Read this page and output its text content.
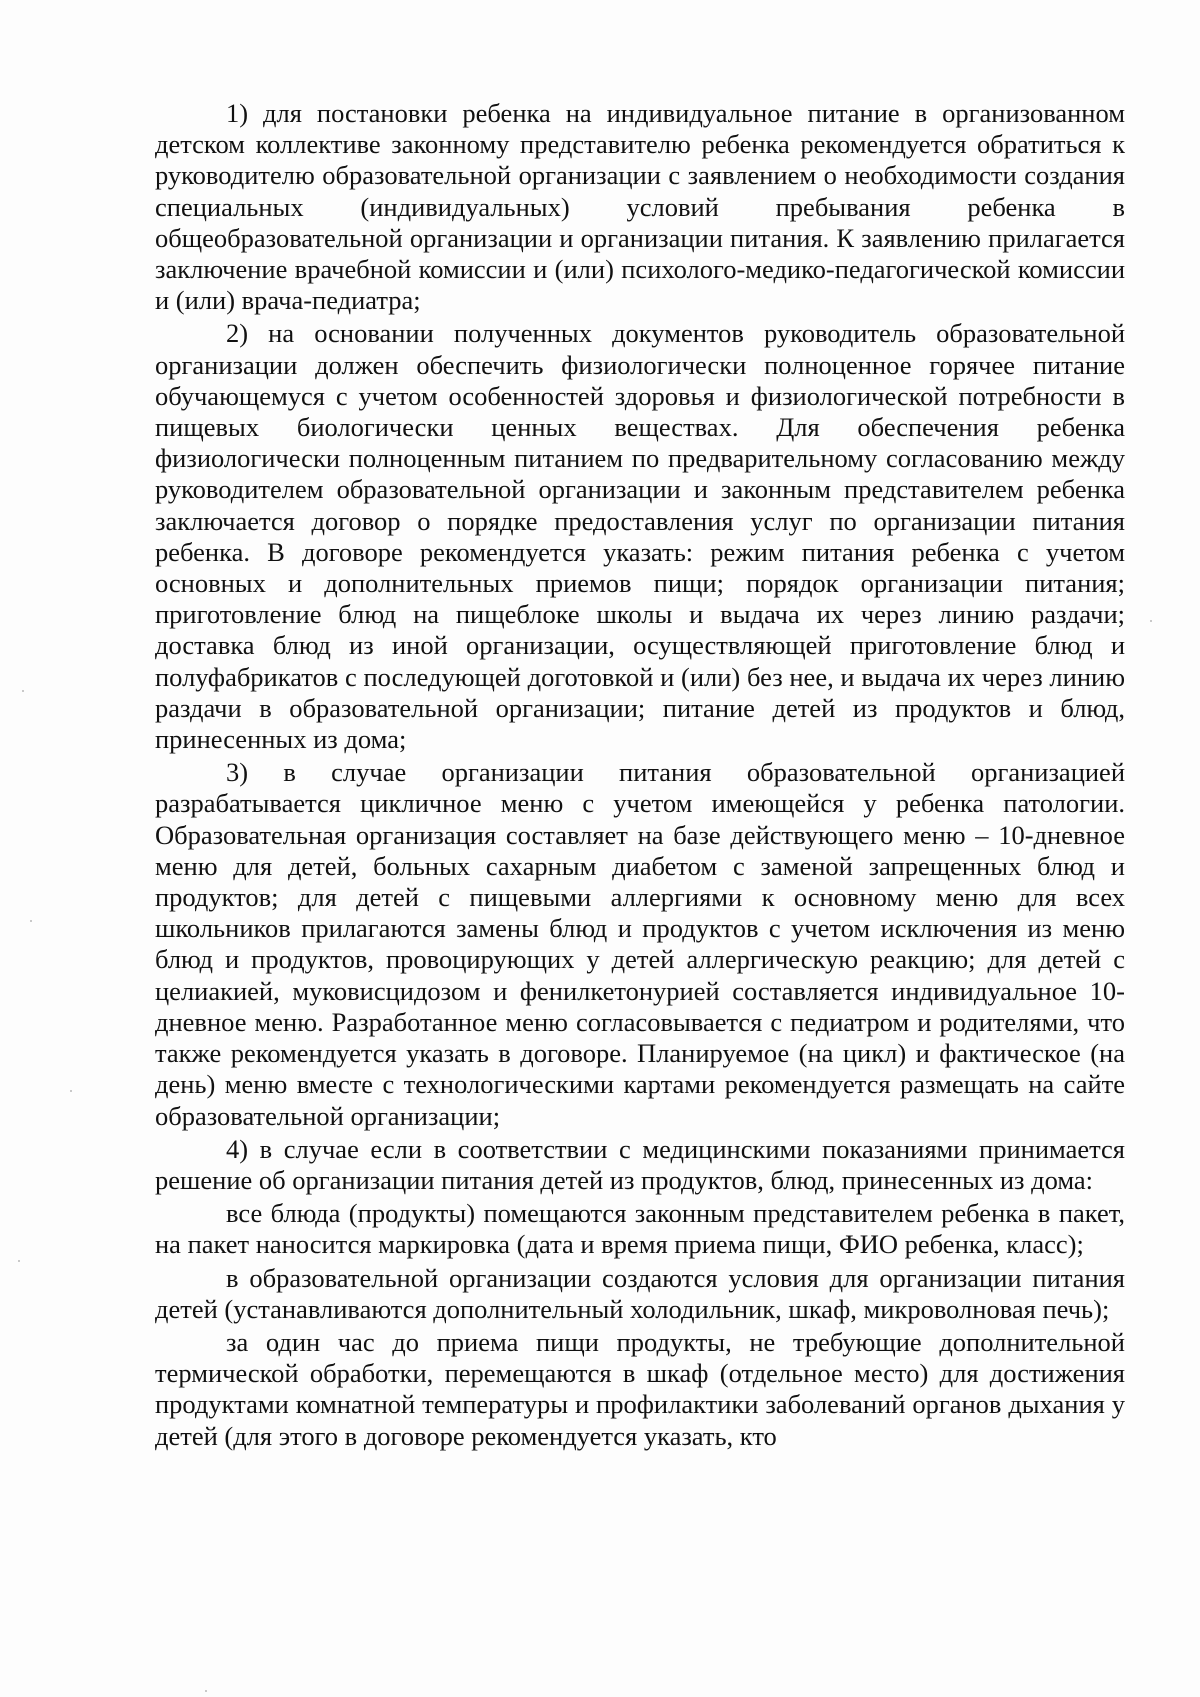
1) для постановки ребенка на индивидуальное питание в организованном детском коллективе законному представителю ребенка рекомендуется обратиться к руководителю образовательной организации с заявлением о необходимости создания специальных (индивидуальных) условий пребывания ребенка в общеобразовательной организации и организации питания. К заявлению прилагается заключение врачебной комиссии и (или) психолого-медико-педагогической комиссии и (или) врача-педиатра;

2) на основании полученных документов руководитель образовательной организации должен обеспечить физиологически полноценное горячее питание обучающемуся с учетом особенностей здоровья и физиологической потребности в пищевых биологически ценных веществах. Для обеспечения ребенка физиологически полноценным питанием по предварительному согласованию между руководителем образовательной организации и законным представителем ребенка заключается договор о порядке предоставления услуг по организации питания ребенка. В договоре рекомендуется указать: режим питания ребенка с учетом основных и дополнительных приемов пищи; порядок организации питания; приготовление блюд на пищеблоке школы и выдача их через линию раздачи; доставка блюд из иной организации, осуществляющей приготовление блюд и полуфабрикатов с последующей доготовкой и (или) без нее, и выдача их через линию раздачи в образовательной организации; питание детей из продуктов и блюд, принесенных из дома;

3) в случае организации питания образовательной организацией разрабатывается цикличное меню с учетом имеющейся у ребенка патологии. Образовательная организация составляет на базе действующего меню – 10-дневное меню для детей, больных сахарным диабетом с заменой запрещенных блюд и продуктов; для детей с пищевыми аллергиями к основному меню для всех школьников прилагаются замены блюд и продуктов с учетом исключения из меню блюд и продуктов, провоцирующих у детей аллергическую реакцию; для детей с целиакией, муковисцидозом и фенилкетонурией составляется индивидуальное 10-дневное меню. Разработанное меню согласовывается с педиатром и родителями, что также рекомендуется указать в договоре. Планируемое (на цикл) и фактическое (на день) меню вместе с технологическими картами рекомендуется размещать на сайте образовательной организации;

4) в случае если в соответствии с медицинскими показаниями принимается решение об организации питания детей из продуктов, блюд, принесенных из дома:

все блюда (продукты) помещаются законным представителем ребенка в пакет, на пакет наносится маркировка (дата и время приема пищи, ФИО ребенка, класс);

в образовательной организации создаются условия для организации питания детей (устанавливаются дополнительный холодильник, шкаф, микроволновая печь);

за один час до приема пищи продукты, не требующие дополнительной термической обработки, перемещаются в шкаф (отдельное место) для достижения продуктами комнатной температуры и профилактики заболеваний органов дыхания у детей (для этого в договоре рекомендуется указать, кто
